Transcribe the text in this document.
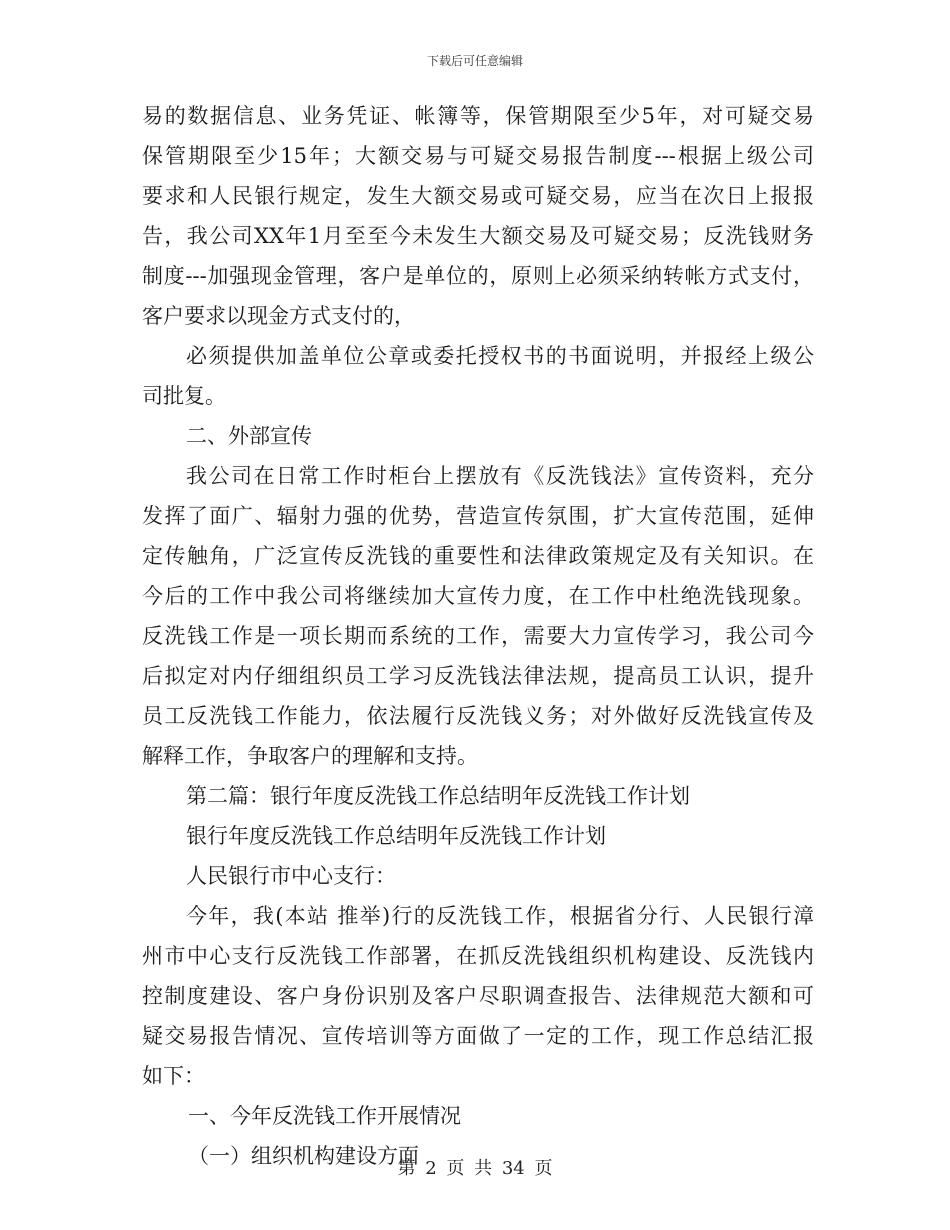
下载后可任意编辑
易的数据信息、业务凭证、帐簿等，保管期限至少5年，对可疑交易
保管期限至少15年；大额交易与可疑交易报告制度---根据上级公司
要求和人民银行规定，发生大额交易或可疑交易，应当在次日上报报
告，我公司XX年1月至至今未发生大额交易及可疑交易；反洗钱财务
制度---加强现金管理，客户是单位的，原则上必须采纳转帐方式支付，
客户要求以现金方式支付的，
必须提供加盖单位公章或委托授权书的书面说明，并报经上级公
司批复。
二、外部宣传
我公司在日常工作时柜台上摆放有《反洗钱法》宣传资料，充分
发挥了面广、辐射力强的优势，营造宣传氛围，扩大宣传范围，延伸
定传触角，广泛宣传反洗钱的重要性和法律政策规定及有关知识。在
今后的工作中我公司将继续加大宣传力度，在工作中杜绝洗钱现象。
反洗钱工作是一项长期而系统的工作，需要大力宣传学习，我公司今
后拟定对内仔细组织员工学习反洗钱法律法规，提高员工认识，提升
员工反洗钱工作能力，依法履行反洗钱义务；对外做好反洗钱宣传及
解释工作，争取客户的理解和支持。
第二篇：银行年度反洗钱工作总结明年反洗钱工作计划
银行年度反洗钱工作总结明年反洗钱工作计划
人民银行市中心支行：
今年，我(本站 推举)行的反洗钱工作，根据省分行、人民银行漳
州市中心支行反洗钱工作部署，在抓反洗钱组织机构建设、反洗钱内
控制度建设、客户身份识别及客户尽职调查报告、法律规范大额和可
疑交易报告情况、宣传培训等方面做了一定的工作，现工作总结汇报
如下：
一、今年反洗钱工作开展情况
（一）组织机构建设方面
第 2 页 共 34 页
